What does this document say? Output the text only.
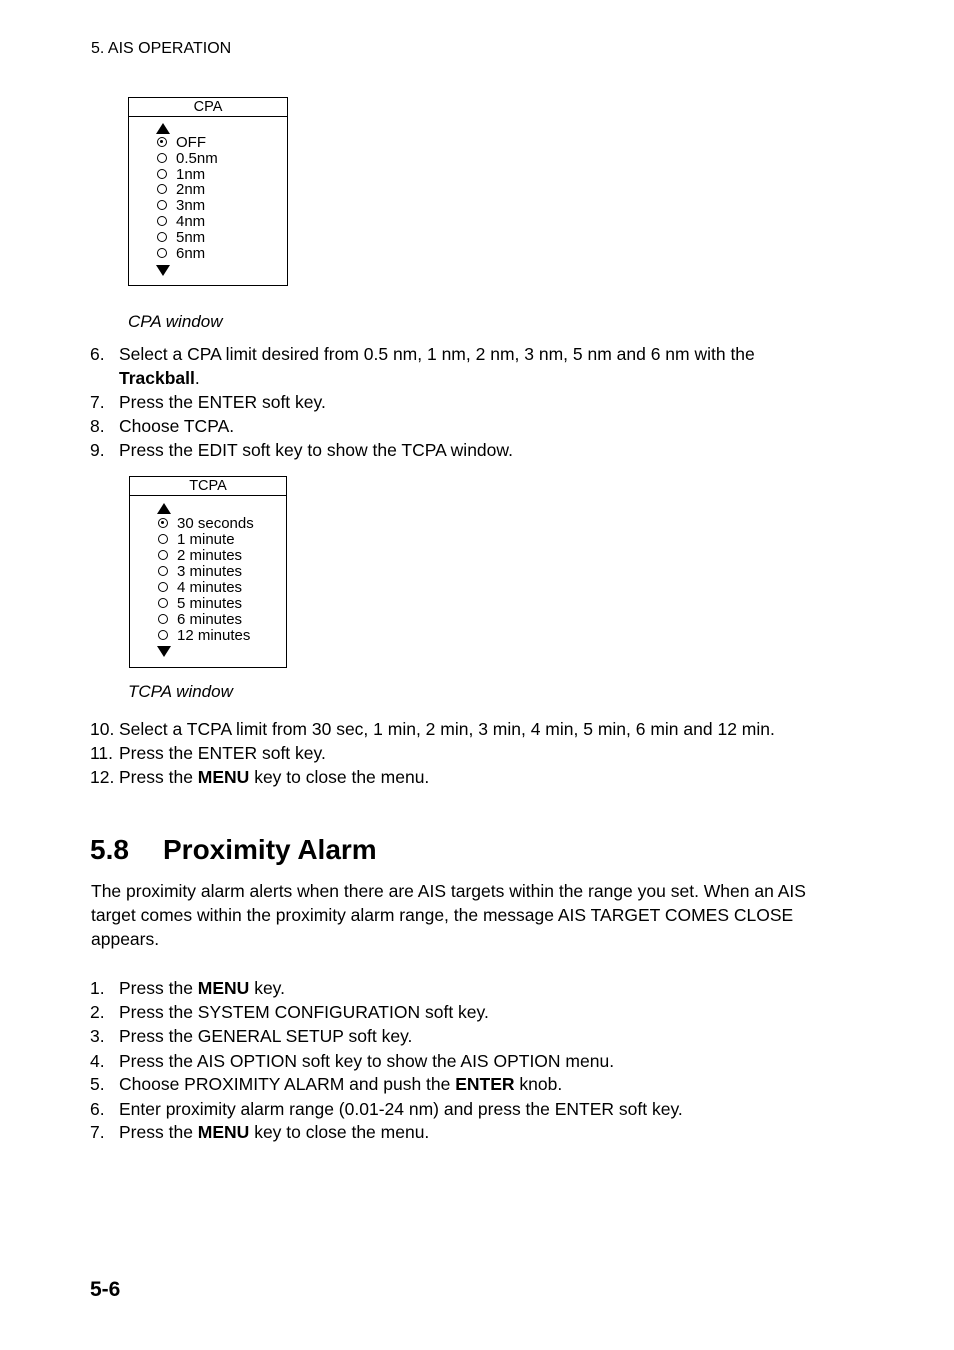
5. AIS OPERATION
CPA
OFF
0.5nm
1nm
2nm
3nm
4nm
5nm
6nm
CPA window
6. Select a CPA limit desired from 0.5 nm, 1 nm, 2 nm, 3 nm, 5 nm and 6 nm with the Trackball.
7. Press the ENTER soft key.
8. Choose TCPA.
9. Press the EDIT soft key to show the TCPA window.
TCPA
30 seconds
1 minute
2 minutes
3 minutes
4 minutes
5 minutes
6 minutes
12 minutes
TCPA window
10. Select a TCPA limit from 30 sec, 1 min, 2 min, 3 min, 4 min, 5 min, 6 min and 12 min.
11. Press the ENTER soft key.
12. Press the MENU key to close the menu.
5.8 Proximity Alarm
The proximity alarm alerts when there are AIS targets within the range you set. When an AIS target comes within the proximity alarm range, the message AIS TARGET COMES CLOSE appears.
1. Press the MENU key.
2. Press the SYSTEM CONFIGURATION soft key.
3. Press the GENERAL SETUP soft key.
4. Press the AIS OPTION soft key to show the AIS OPTION menu.
5. Choose PROXIMITY ALARM and push the ENTER knob.
6. Enter proximity alarm range (0.01-24 nm) and press the ENTER soft key.
7. Press the MENU key to close the menu.
5-6
